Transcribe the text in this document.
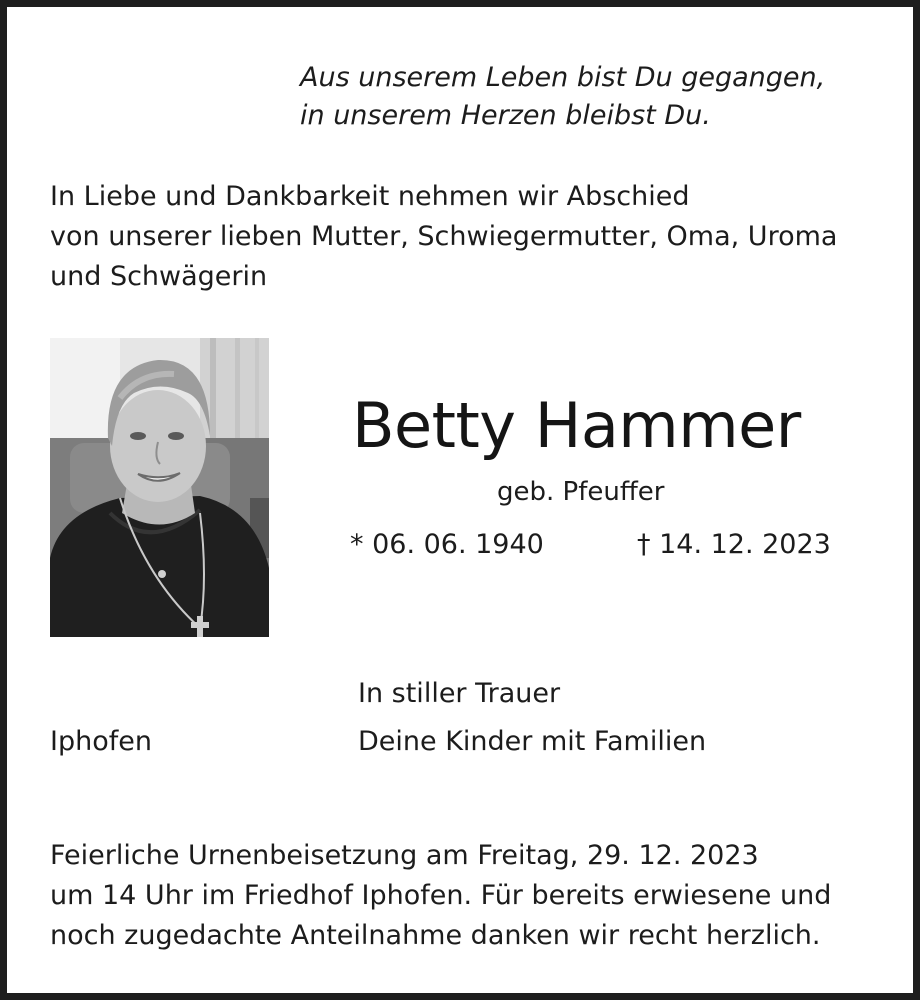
Aus unserem Leben bist Du gegangen,
in unserem Herzen bleibst Du.

In Liebe und Dankbarkeit nehmen wir Abschied
von unserer lieben Mutter, Schwiegermutter, Oma, Uroma
und Schwägerin

Betty Hammer

geb. Pfeuffer

* 06. 06. 1940	† 14. 12. 2023

In stiller Trauer

Iphofen	Deine Kinder mit Familien

Feierliche Urnenbeisetzung am Freitag, 29. 12. 2023
um 14 Uhr im Friedhof Iphofen. Für bereits erwiesene und
noch zugedachte Anteilnahme danken wir recht herzlich.
